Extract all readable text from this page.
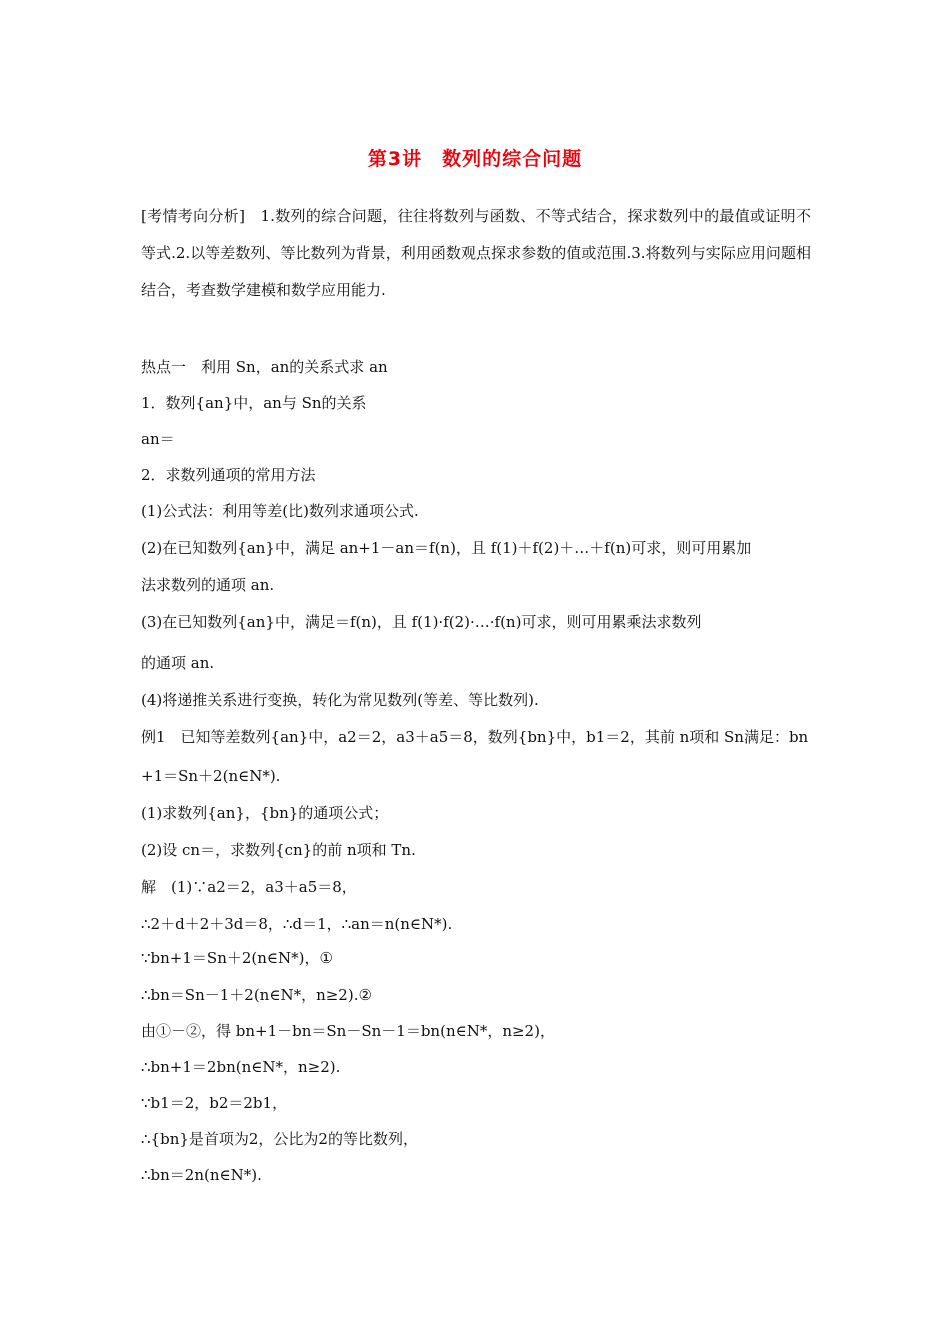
第3讲　数列的综合问题
[考情考向分析]　1.数列的综合问题，往往将数列与函数、不等式结合，探求数列中的最值或证明不等式.2.以等差数列、等比数列为背景，利用函数观点探求参数的值或范围.3.将数列与实际应用问题相结合，考查数学建模和数学应用能力.
热点一　利用 Sn，an的关系式求 an
1．数列{an}中，an与 Sn的关系
an＝
2．求数列通项的常用方法
(1)公式法：利用等差(比)数列求通项公式.
(2)在已知数列{an}中，满足 an+1－an＝f(n)，且 f(1)＋f(2)＋…＋f(n)可求，则可用累加
法求数列的通项 an.
(3)在已知数列{an}中，满足＝f(n)，且 f(1)·f(2)·…·f(n)可求，则可用累乘法求数列
的通项 an.
(4)将递推关系进行变换，转化为常见数列(等差、等比数列).
例1　已知等差数列{an}中，a2＝2，a3＋a5＝8，数列{bn}中，b1＝2，其前 n项和 Sn满足：bn
+1＝Sn＋2(n∈N*).
(1)求数列{an}，{bn}的通项公式；
(2)设 cn＝，求数列{cn}的前 n项和 Tn.
解　(1)∵a2＝2，a3＋a5＝8，
∴2＋d＋2＋3d＝8，∴d＝1，∴an＝n(n∈N*).
∵bn+1＝Sn＋2(n∈N*)，①
∴bn＝Sn－1＋2(n∈N*，n≥2).②
由①－②，得 bn+1－bn＝Sn－Sn－1＝bn(n∈N*，n≥2)，
∴bn+1＝2bn(n∈N*，n≥2).
∵b1＝2，b2＝2b1，
∴{bn}是首项为2，公比为2的等比数列，
∴bn＝2n(n∈N*).
